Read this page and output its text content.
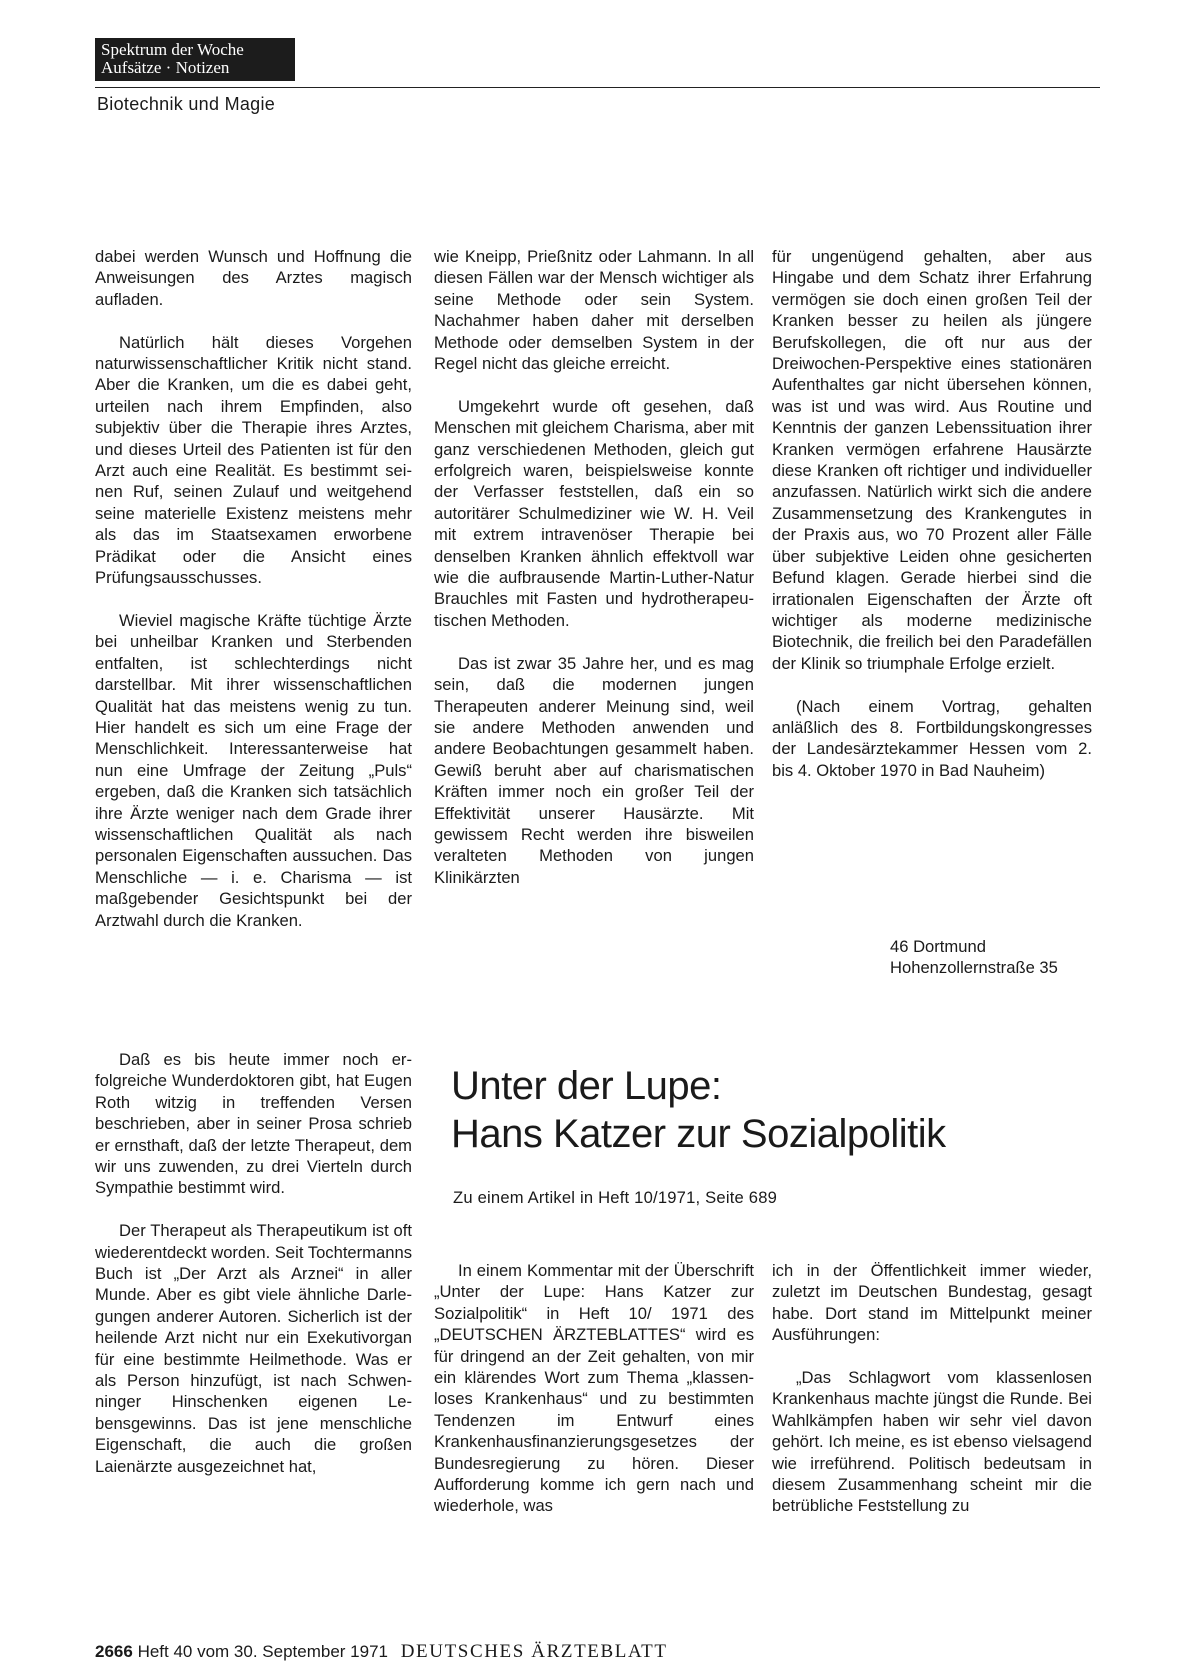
Spektrum der Woche
Aufsätze · Notizen
Biotechnik und Magie

dabei werden Wunsch und Hoffnung die Anweisungen des Arztes magisch aufladen.

Natürlich hält dieses Vorgehen naturwissenschaftlicher Kritik nicht stand. Aber die Kranken, um die es dabei geht, urteilen nach ihrem Empfinden, also subjektiv über die Therapie ihres Arztes, und dieses Urteil des Patienten ist für den Arzt auch eine Realität. Es bestimmt seinen Ruf, seinen Zulauf und weitgehend seine materielle Existenz meistens mehr als das im Staatsexamen erworbene Prädikat oder die Ansicht eines Prüfungsausschusses.

Wieviel magische Kräfte tüchtige Ärzte bei unheilbar Kranken und Sterbenden entfalten, ist schlechterdings nicht darstellbar. Mit ihrer wissenschaftlichen Qualität hat das meistens wenig zu tun. Hier handelt es sich um eine Frage der Menschlichkeit. Interessanterweise hat nun eine Umfrage der Zeitung „Puls“ ergeben, daß die Kranken sich tatsächlich ihre Ärzte weniger nach dem Grade ihrer wissenschaftlichen Qualität als nach personalen Eigenschaften aussuchen. Das Menschliche — i. e. Charisma — ist maßgebender Gesichtspunkt bei der Arztwahl durch die Kranken.

Daß es bis heute immer noch erfolgreiche Wunderdoktoren gibt, hat Eugen Roth witzig in treffenden Versen beschrieben, aber in seiner Prosa schrieb er ernsthaft, daß der letzte Therapeut, dem wir uns zuwenden, zu drei Vierteln durch Sympathie bestimmt wird.

Der Therapeut als Therapeutikum ist oft wiederentdeckt worden. Seit Tochtermanns Buch ist „Der Arzt als Arznei“ in aller Munde. Aber es gibt viele ähnliche Darlegungen anderer Autoren. Sicherlich ist der heilende Arzt nicht nur ein Exekutivorgan für eine bestimmte Heilmethode. Was er als Person hinzufügt, ist nach Schwenninger Hinschenken eigenen Lebensgewinns. Das ist jene menschliche Eigenschaft, die auch die großen Laienärzte ausgezeichnet hat,

wie Kneipp, Prießnitz oder Lahmann. In all diesen Fällen war der Mensch wichtiger als seine Methode oder sein System. Nachahmer haben daher mit derselben Methode oder demselben System in der Regel nicht das gleiche erreicht.

Umgekehrt wurde oft gesehen, daß Menschen mit gleichem Charisma, aber mit ganz verschiedenen Methoden, gleich gut erfolgreich waren, beispielsweise konnte der Verfasser feststellen, daß ein so autoritärer Schulmediziner wie W. H. Veil mit extrem intravenöser Therapie bei denselben Kranken ähnlich effektvoll war wie die aufbrausende Martin-Luther-Natur Brauchles mit Fasten und hydrotherapeutischen Methoden.

Das ist zwar 35 Jahre her, und es mag sein, daß die modernen jungen Therapeuten anderer Meinung sind, weil sie andere Methoden anwenden und andere Beobachtungen gesammelt haben. Gewiß beruht aber auf charismatischen Kräften immer noch ein großer Teil der Effektivität unserer Hausärzte. Mit gewissem Recht werden ihre bisweilen veralteten Methoden von jungen Klinikärzten

für ungenügend gehalten, aber aus Hingabe und dem Schatz ihrer Erfahrung vermögen sie doch einen großen Teil der Kranken besser zu heilen als jüngere Berufskollegen, die oft nur aus der Dreiwochen-Perspektive eines stationären Aufenthaltes gar nicht übersehen können, was ist und was wird. Aus Routine und Kenntnis der ganzen Lebenssituation ihrer Kranken vermögen erfahrene Hausärzte diese Kranken oft richtiger und individueller anzufassen. Natürlich wirkt sich die andere Zusammensetzung des Krankengutes in der Praxis aus, wo 70 Prozent aller Fälle über subjektive Leiden ohne gesicherten Befund klagen. Gerade hierbei sind die irrationalen Eigenschaften der Ärzte oft wichtiger als moderne medizinische Biotechnik, die freilich bei den Paradefällen der Klinik so triumphale Erfolge erzielt.

(Nach einem Vortrag, gehalten anläßlich des 8. Fortbildungskongresses der Landesärztekammer Hessen vom 2. bis 4. Oktober 1970 in Bad Nauheim)

46 Dortmund
Hohenzollernstraße 35
Unter der Lupe:
Hans Katzer zur Sozialpolitik
Zu einem Artikel in Heft 10/1971, Seite 689

In einem Kommentar mit der Überschrift „Unter der Lupe: Hans Katzer zur Sozialpolitik“ in Heft 10/ 1971 des „DEUTSCHEN ÄRZTEBLATTES“ wird es für dringend an der Zeit gehalten, von mir ein klärendes Wort zum Thema „klassenloses Krankenhaus“ und zu bestimmten Tendenzen im Entwurf eines Krankenhausfinanzierungsgesetzes der Bundesregierung zu hören. Dieser Aufforderung komme ich gern nach und wiederhole, was

ich in der Öffentlichkeit immer wieder, zuletzt im Deutschen Bundestag, gesagt habe. Dort stand im Mittelpunkt meiner Ausführungen:

„Das Schlagwort vom klassenlosen Krankenhaus machte jüngst die Runde. Bei Wahlkämpfen haben wir sehr viel davon gehört. Ich meine, es ist ebenso vielsagend wie irreführend. Politisch bedeutsam in diesem Zusammenhang scheint mir die betrübliche Feststellung zu

2666 Heft 40 vom 30. September 1971 DEUTSCHES ÄRZTEBLATT
